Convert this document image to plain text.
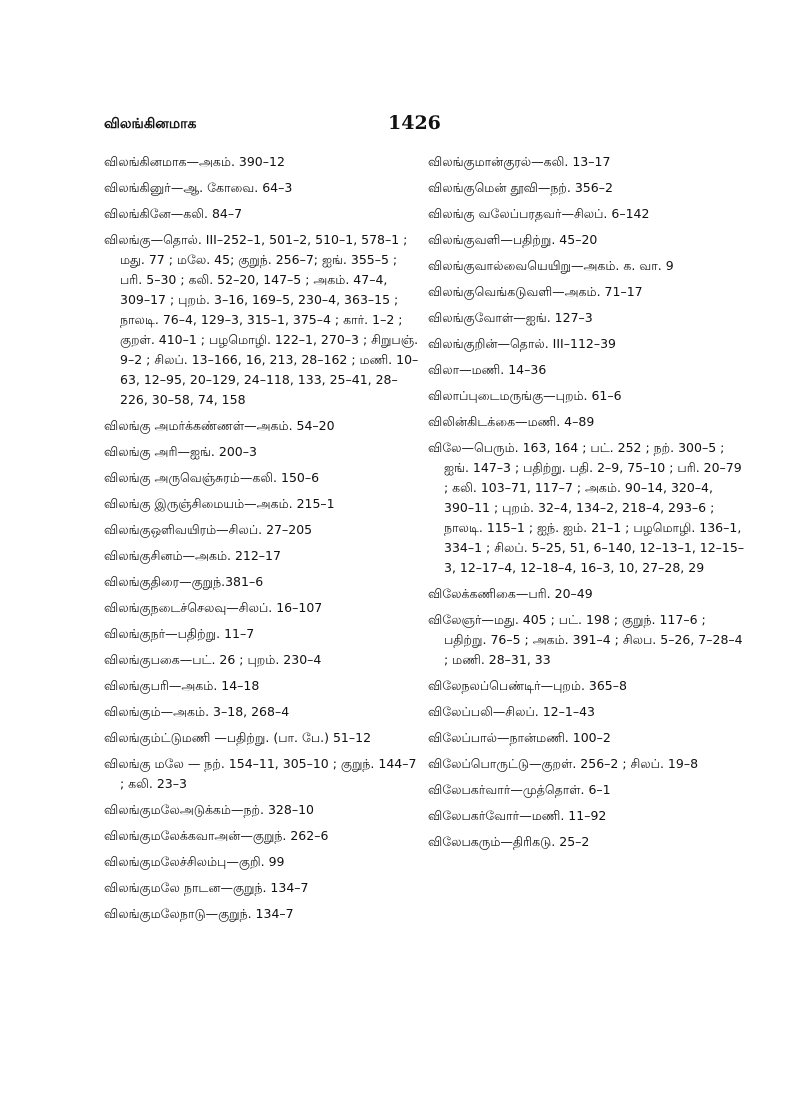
விலங்கினமாக	1426
விலங்கினமாக—அகம். 390–12
விலங்கினுர்—ஆ. கோவை. 64–3
விலங்கினே—கலி. 84–7
விலங்கு—தொல். III–252–1, 501–2, 510–1, 578–1 ; மது. 77 ; மலே. 45; குறுந். 256–7; ஐங். 355–5 ; பரி. 5–30 ; கலி. 52–20, 147–5 ; அகம். 47–4, 309–17 ; புறம். 3–16, 169–5, 230–4, 363–15 ; நாலடி. 76–4, 129–3, 315–1, 375–4 ; கார். 1–2 ; குறள். 410–1 ; பழமொழி. 122–1, 270–3 ; சிறுபஞ். 9–2 ; சிலப். 13–166, 16, 213, 28–162 ; மணி. 10–63, 12–95, 20–129, 24–118, 133, 25–41, 28–226, 30–58, 74, 158
விலங்கு அமர்க்கண்ணள்—அகம். 54–20
விலங்கு அரி—ஐங். 200–3
விலங்கு அருவெஞ்சுரம்—கலி. 150–6
விலங்கு இருஞ்சிமையம்—அகம். 215–1
விலங்குஒளிவயிரம்—சிலப். 27–205
விலங்குசினம்—அகம். 212–17
விலங்குதிரை—குறுந்.381–6
விலங்குநடைச்செலவு—சிலப். 16–107
விலங்குநர்—பதிற்று. 11–7
விலங்குபகை—பட். 26 ; புறம். 230–4
விலங்குபரி—அகம். 14–18
விலங்கும்—அகம். 3–18, 268–4
விலங்கும்ட்டுமணி —பதிற்று. (பா. பே.) 51–12
விலங்கு மலே — நற். 154–11, 305–10 ; குறுந். 144–7 ; கலி. 23–3
விலங்குமலேஅடுக்கம்—நற். 328–10
விலங்குமலேக்கவாஅன்—குறுந். 262–6
விலங்குமலேச்சிலம்பு—குறி. 99
விலங்குமலே நாடன—குறுந். 134–7
விலங்குமலேநாடு—குறுந். 134–7
விலங்குமான்குரல்—கலி. 13–17
விலங்குமென் தூவி—நற். 356–2
விலங்கு வலேப்பரதவர்—சிலப். 6–142
விலங்குவளி—பதிற்று. 45–20
விலங்குவால்வையெயிறு—அகம். க. வா. 9
விலங்குவெங்கடுவளி—அகம். 71–17
விலங்குவோள்—ஐங். 127–3
விலங்குறின்—தொல். III–112–39
விலா—மணி. 14–36
விலாப்புடைமருங்கு—புறம். 61–6
விலின்கிடக்கை—மணி. 4–89
விலே—பெரும். 163, 164 ; பட். 252 ; நற். 300–5 ; ஐங். 147–3 ; பதிற்று. பதி. 2–9, 75–10 ; பரி. 20–79 ; கலி. 103–71, 117–7 ; அகம். 90–14, 320–4, 390–11 ; புறம். 32–4, 134–2, 218–4, 293–6 ; நாலடி. 115–1 ; ஐந். ஐம். 21–1 ; பழமொழி. 136–1, 334–1 ; சிலப். 5–25, 51, 6–140, 12–13–1, 12–15–3, 12–17–4, 12–18–4, 16–3, 10, 27–28, 29
விலேக்கணிகை—பரி. 20–49
விலேஞர்—மது. 405 ; பட். 198 ; குறுந். 117–6 ; பதிற்று. 76–5 ; அகம். 391–4 ; சிலப. 5–26, 7–28–4 ; மணி. 28–31, 33
விலேநலப்பெண்டிர்—புறம். 365–8
விலேப்பலி—சிலப். 12–1–43
விலேப்பால்—நான்மணி. 100–2
விலேப்பொருட்டு—குறள். 256–2 ; சிலப். 19–8
விலேபகர்வார்—முத்தொள். 6–1
விலேபகர்வோர்—மணி. 11–92
விலேபகரும்—திரிகடு. 25–2
